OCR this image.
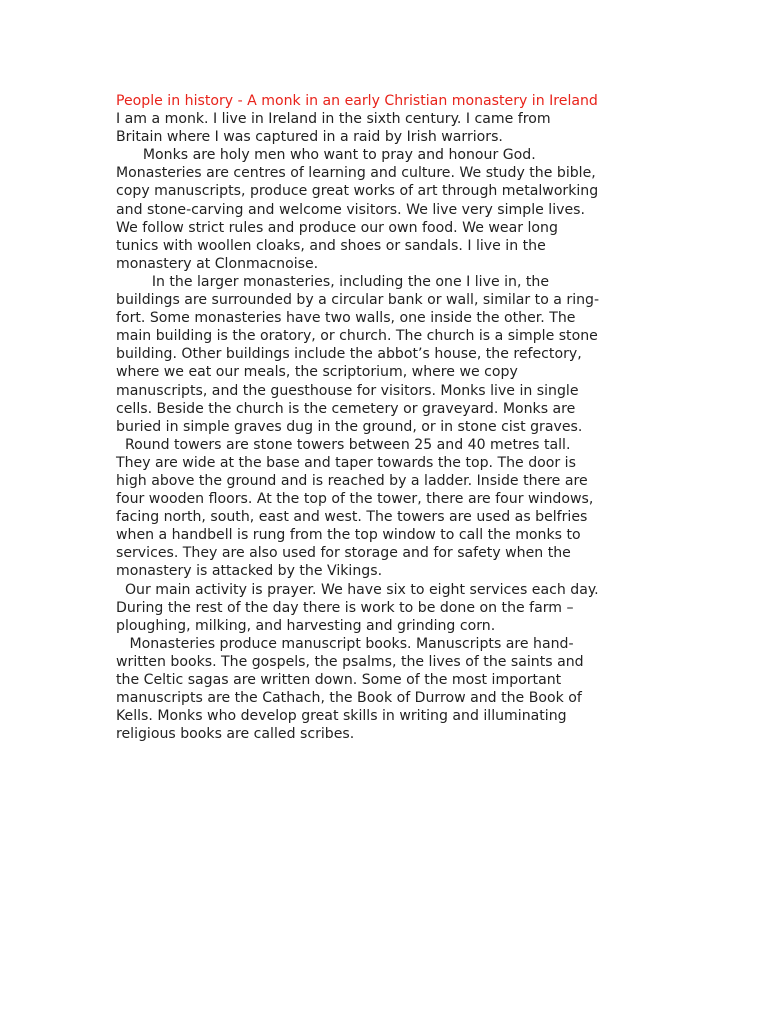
People in history - A monk in an early Christian monastery in Ireland
I am a monk. I live in Ireland in the sixth century. I came from
Britain where I was captured in a raid by Irish warriors.
Monks are holy men who want to pray and honour God.
Monasteries are centres of learning and culture. We study the bible,
copy manuscripts, produce great works of art through metalworking
and stone-carving and welcome visitors. We live very simple lives.
We follow strict rules and produce our own food. We wear long
tunics with woollen cloaks, and shoes or sandals. I live in the
monastery at Clonmacnoise.
In the larger monasteries, including the one I live in, the
buildings are surrounded by a circular bank or wall, similar to a ring-
fort. Some monasteries have two walls, one inside the other. The
main building is the oratory, or church. The church is a simple stone
building. Other buildings include the abbot’s house, the refectory,
where we eat our meals, the scriptorium, where we copy
manuscripts, and the guesthouse for visitors. Monks live in single
cells. Beside the church is the cemetery or graveyard. Monks are
buried in simple graves dug in the ground, or in stone cist graves.
Round towers are stone towers between 25 and 40 metres tall.
They are wide at the base and taper towards the top. The door is
high above the ground and is reached by a ladder. Inside there are
four wooden floors. At the top of the tower, there are four windows,
facing north, south, east and west. The towers are used as belfries
when a handbell is rung from the top window to call the monks to
services. They are also used for storage and for safety when the
monastery is attacked by the Vikings.
Our main activity is prayer. We have six to eight services each day.
During the rest of the day there is work to be done on the farm –
ploughing, milking, and harvesting and grinding corn.
Monasteries produce manuscript books. Manuscripts are hand-
written books. The gospels, the psalms, the lives of the saints and
the Celtic sagas are written down. Some of the most important
manuscripts are the Cathach, the Book of Durrow and the Book of
Kells. Monks who develop great skills in writing and illuminating
religious books are called scribes.
